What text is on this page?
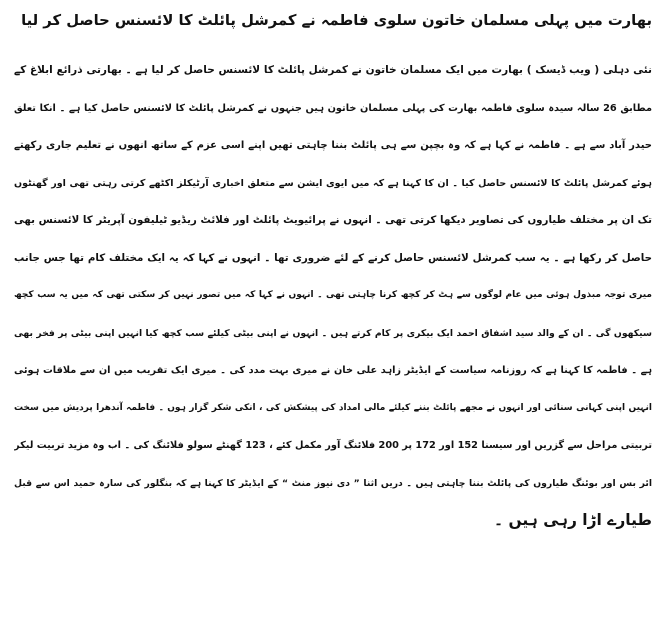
بھارت میں پہلی مسلمان خاتون سلوی فاطمہ نے کمرشل پائلٹ کا لائسنس حاصل کر لیا
نئی دہلی ( ویب ڈیسک ) بھارت میں ایک مسلمان خاتون نے کمرشل پائلٹ کا لائسنس حاصل کر لیا ہے ۔ بھارتی ذرائع ابلاغ کے
مطابق 26 سالہ سیدہ سلوی فاطمہ بھارت کی پہلی مسلمان خاتون ہیں جنہوں نے کمرشل پائلٹ کا لائسنس حاصل کیا ہے ۔ انکا تعلق
حیدر آباد سے ہے ۔ فاطمہ نے کہا ہے کہ وہ بچپن سے ہی پائلٹ بننا چاہتی تھیں اپنے اسی عزم کے ساتھ انھوں نے تعلیم جاری رکھتے
ہوئے کمرشل پائلٹ کا لائسنس حاصل کیا ۔ ان کا کہنا ہے کہ میں ایوی ایشن سے متعلق اخباری آرٹیکلز اکٹھے کرتی رہتی تھی اور گھنٹوں
تک ان پر مختلف طیاروں کی تصاویر دیکھا کرتی تھی ۔ انہوں نے پرائیویٹ پائلٹ اور فلائٹ ریڈیو ٹیلیفون آپریٹر کا لائسنس بھی
حاصل کر رکھا ہے ۔ یہ سب کمرشل لائسنس حاصل کرنے کے لئے ضروری تھا ۔ انہوں نے کہا کہ یہ ایک مختلف کام تھا جس جانب
میری توجہ مبذول ہوئی میں عام لوگوں سے ہٹ کر کچھ کرنا چاہتی تھی ۔ انہوں نے کہا کہ میں تصور نہیں کر سکتی تھی کہ میں یہ سب کچھ
سیکھوں گی ۔ ان کے والد سید اشفاق احمد ایک بیکری پر کام کرتے ہیں ۔ انہوں نے اپنی بیٹی کیلئے سب کچھ کیا انہیں اپنی بیٹی پر فخر بھی
ہے ۔ فاطمہ کا کہنا ہے کہ روزنامہ سیاست کے ایڈیٹر زاہد علی خان نے میری بہت مدد کی ۔ میری ایک تقریب میں ان سے ملاقات ہوئی
انہیں اپنی کہانی سنائی اور انہوں نے مجھے پائلٹ بننے کیلئے مالی امداد کی پیشکش کی ، انکی شکر گزار ہوں ۔ فاطمہ آندھرا پردیش میں سخت
تربیتی مراحل سے گزریں اور سیسنا 152 اور 172 پر 200 فلائنگ آور مکمل کئے ، 123 گھنٹے سولو فلائنگ کی ۔ اب وہ مزید تربیت لیکر
ائر بس اور بوئنگ طیاروں کی پائلٹ بننا چاہتی ہیں ۔ دریں اثنا ” دی نیوز منٹ “ کے ایڈیٹر کا کہنا ہے کہ بنگلور کی سارہ حمید اس سے قبل
طیارے اڑا رہی ہیں ۔
